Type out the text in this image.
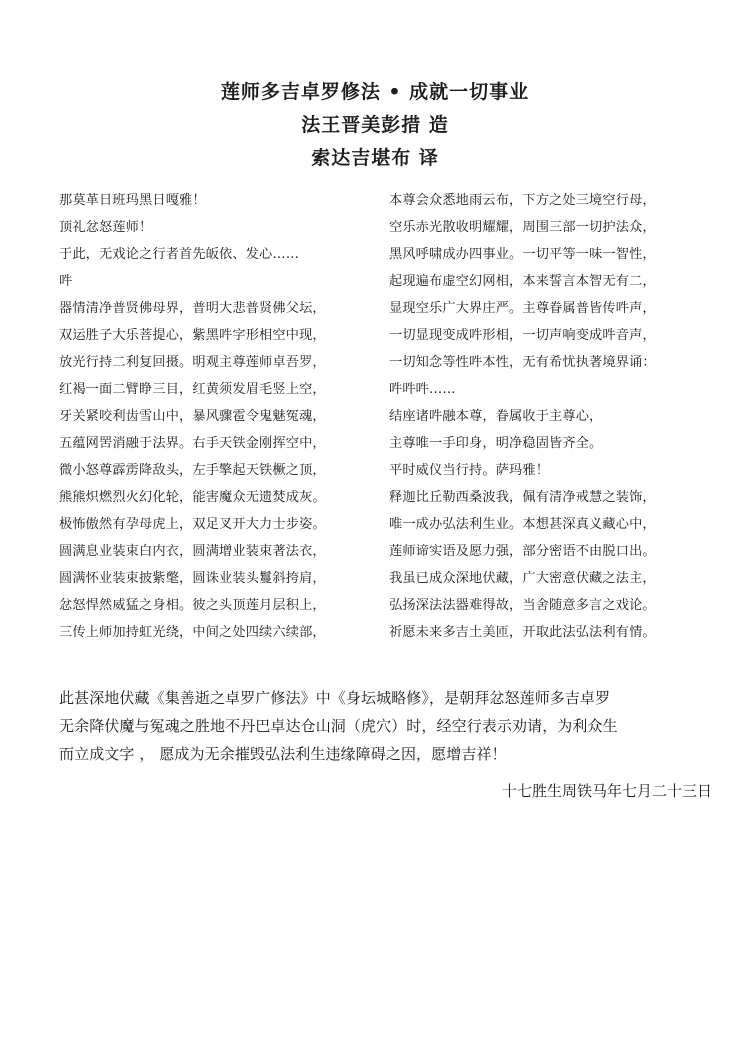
莲师多吉卓罗修法 • 成就一切事业
法王晋美彭措 造
索达吉堪布 译
那莫革日班玛黑日嘎雅！
顶礼忿怒莲师！
于此，无戏论之行者首先皈依、发心……
吽
器情清净普贤佛母界，普明大悲普贤佛父坛，
双运胜子大乐菩提心，紫黑吽字形相空中现，
放光行持二利复回摄。明观主尊莲师卓吾罗，
红褐一面二臂睁三目，红黄须发眉毛竖上空，
牙关紧咬利齿雪山中，暴风骤雹令鬼魅冤魂，
五蕴网罟消融于法界。右手天铁金刚挥空中，
微小怒尊霹雳降敌头，左手擎起天铁橛之顶，
熊熊炽燃烈火幻化轮，能害魔众无遗焚成灰。
极怖傲然有孕母虎上，双足叉开大力士步姿。
圆满息业装束白内衣，圆满增业装束著法衣，
圆满怀业装束披紫氅，圆诛业装头鬘斜挎肩，
忿怒悍然威猛之身相。彼之头顶莲月层积上，
三传上师加持虹光绕，中间之处四续六续部，
本尊会众悉地雨云布，下方之处三境空行母，
空乐赤光散收明耀耀，周围三部一切护法众，
黑风呼啸成办四事业。一切平等一味一智性，
起现遍布虚空幻网相，本来誓言本智无有二，
显现空乐广大界庄严。主尊眷属普皆传吽声，
一切显现变成吽形相，一切声响变成吽音声，
一切知念等性吽本性，无有希忧执著境界诵：
吽吽吽……
结座诸吽融本尊，眷属收于主尊心，
主尊唯一手印身，明净稳固皆齐全。
平时威仪当行持。萨玛雅！
释迦比丘勒西桑波我，佩有清净戒慧之装饰，
唯一成办弘法利生业。本想甚深真义藏心中，
莲师谛实语及愿力强，部分密语不由脱口出。
我虽已成众深地伏藏，广大密意伏藏之法主，
弘扬深法法器难得故，当舍随意多言之戏论。
祈愿未来多吉土美匝，开取此法弘法利有情。
此甚深地伏藏《集善逝之卓罗广修法》中《身坛城略修》，是朝拜忿怒莲师多吉卓罗
无余降伏魔与冤魂之胜地不丹巴卓达仓山洞（虎穴）时，经空行表示劝请，为利众生
而立成文字 ， 愿成为无余摧毁弘法利生违缘障碍之因，愿增吉祥！
十七胜生周铁马年七月二十三日
